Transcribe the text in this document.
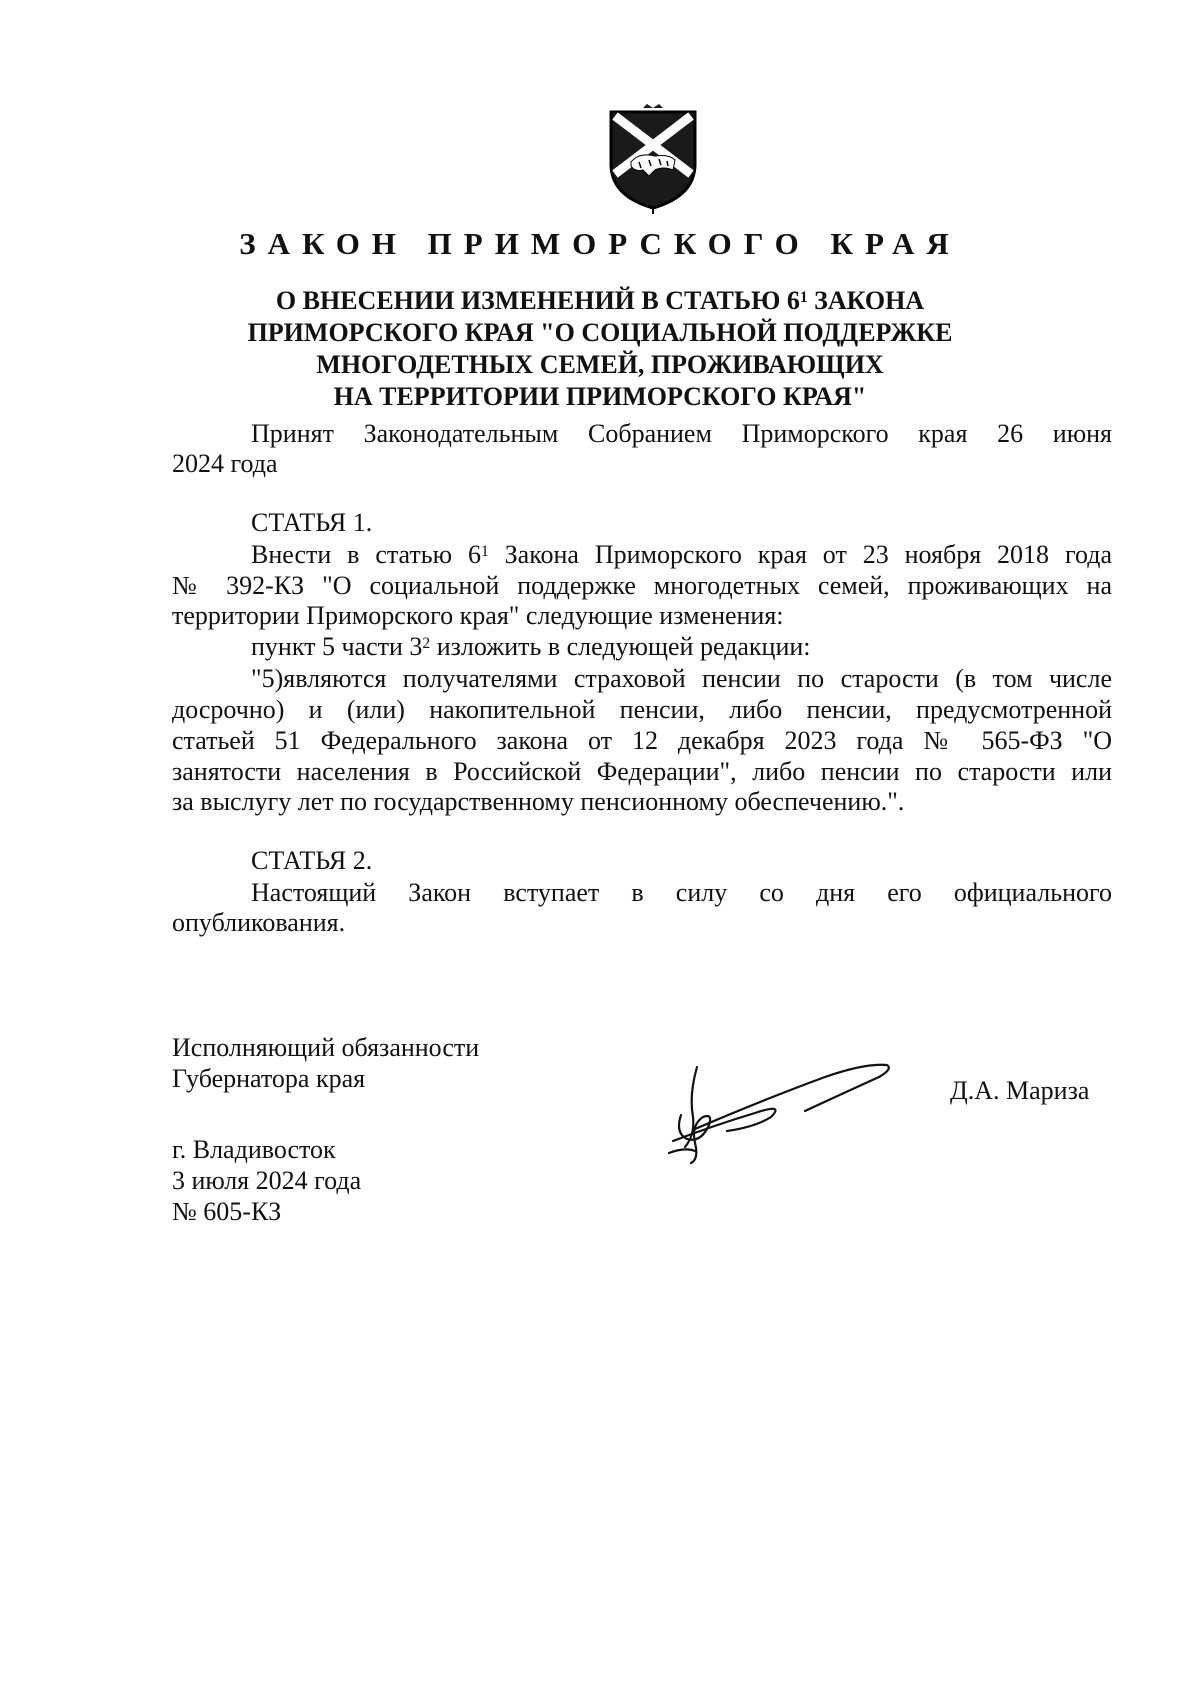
ЗАКОН ПРИМОРСКОГО КРАЯ
О ВНЕСЕНИИ ИЗМЕНЕНИЙ В СТАТЬЮ $6^1$ ЗАКОНА
ПРИМОРСКОГО КРАЯ "О СОЦИАЛЬНОЙ ПОДДЕРЖКЕ
МНОГОДЕТНЫХ СЕМЕЙ, ПРОЖИВАЮЩИХ
НА ТЕРРИТОРИИ ПРИМОРСКОГО КРАЯ"
Принят Законодательным Собранием Приморского края 26 июня
2024 года
СТАТЬЯ 1.
Внести в статью $6^1$ Закона Приморского края от 23 ноября 2018 года
№ 392-КЗ "О социальной поддержке многодетных семей, проживающих на
территории Приморского края" следующие изменения:
пункт 5 части $3^2$ изложить в следующей редакции:
"5)являются получателями страховой пенсии по старости (в том числе
досрочно) и (или) накопительной пенсии, либо пенсии, предусмотренной
статьей 51 Федерального закона от 12 декабря 2023 года № 565-ФЗ "О
занятости населения в Российской Федерации", либо пенсии по старости или
за выслугу лет по государственному пенсионному обеспечению.".
СТАТЬЯ 2.
Настоящий Закон вступает в силу со дня его официального
опубликования.
Исполняющий обязанности
Губернатора края	Д.А. Мариза
г. Владивосток
3 июля 2024 года
№ 605-КЗ
